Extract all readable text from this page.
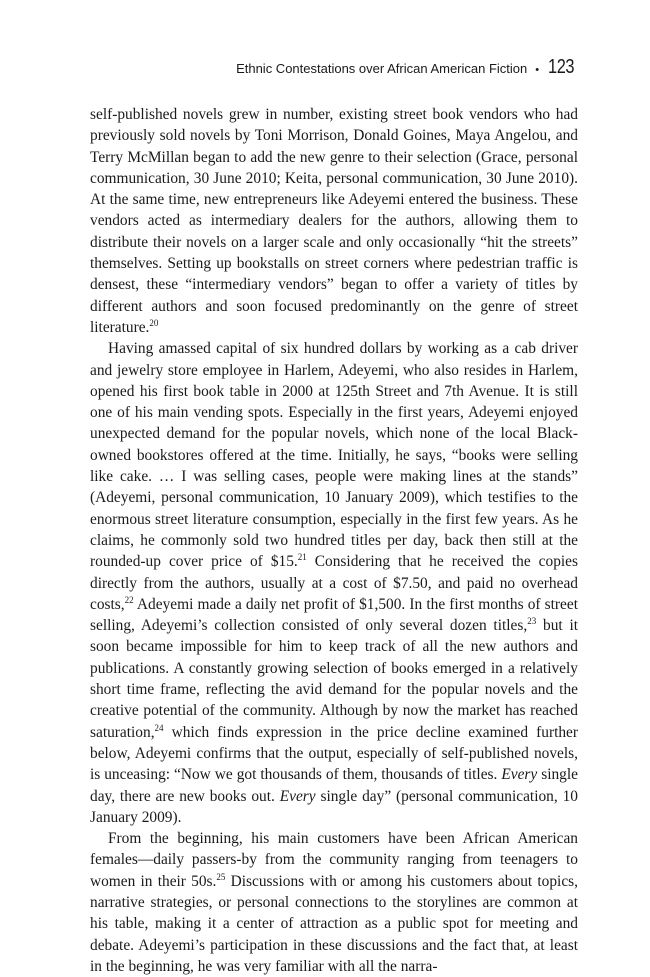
Ethnic Contestations over African American Fiction • 123

self-published novels grew in number, existing street book vendors who had previously sold novels by Toni Morrison, Donald Goines, Maya Angelou, and Terry McMillan began to add the new genre to their selection (Grace, personal communication, 30 June 2010; Keita, personal communication, 30 June 2010). At the same time, new entrepreneurs like Adeyemi entered the business. These vendors acted as intermediary dealers for the authors, allowing them to distribute their novels on a larger scale and only occasionally “hit the streets” themselves. Setting up bookstalls on street corners where pedestrian traffic is densest, these “intermediary vendors” began to offer a variety of titles by different authors and soon focused predominantly on the genre of street literature.$^{20}$

Having amassed capital of six hundred dollars by working as a cab driver and jewelry store employee in Harlem, Adeyemi, who also resides in Harlem, opened his first book table in 2000 at 125th Street and 7th Avenue. It is still one of his main vending spots. Especially in the first years, Adeyemi enjoyed unexpected demand for the popular novels, which none of the local Black-owned bookstores offered at the time. Initially, he says, “books were selling like cake. … I was selling cases, people were making lines at the stands” (Adeyemi, personal communication, 10 January 2009), which testifies to the enormous street literature consumption, especially in the first few years. As he claims, he commonly sold two hundred titles per day, back then still at the rounded-up cover price of $15.21 Considering that he received the copies directly from the authors, usually at a cost of $7.50, and paid no overhead costs,$^{22}$ Adeyemi made a daily net profit of $1,500. In the first months of street selling, Adeyemi’s collection consisted of only several dozen titles,$^{23}$ but it soon became impossible for him to keep track of all the new authors and publications. A constantly growing selection of books emerged in a relatively short time frame, reflecting the avid demand for the popular novels and the creative potential of the community. Although by now the market has reached saturation,$^{24}$ which finds expression in the price decline examined further below, Adeyemi confirms that the output, especially of self-published novels, is unceasing: “Now we got thousands of them, thousands of titles. Every single day, there are new books out. Every single day” (personal communication, 10 January 2009).

From the beginning, his main customers have been African American females—daily passers-by from the community ranging from teenagers to women in their 50s.$^{25}$ Discussions with or among his customers about topics, narrative strategies, or personal connections to the storylines are common at his table, making it a center of attraction as a public spot for meeting and debate. Adeyemi’s participation in these discussions and the fact that, at least in the beginning, he was very familiar with all the narra-
